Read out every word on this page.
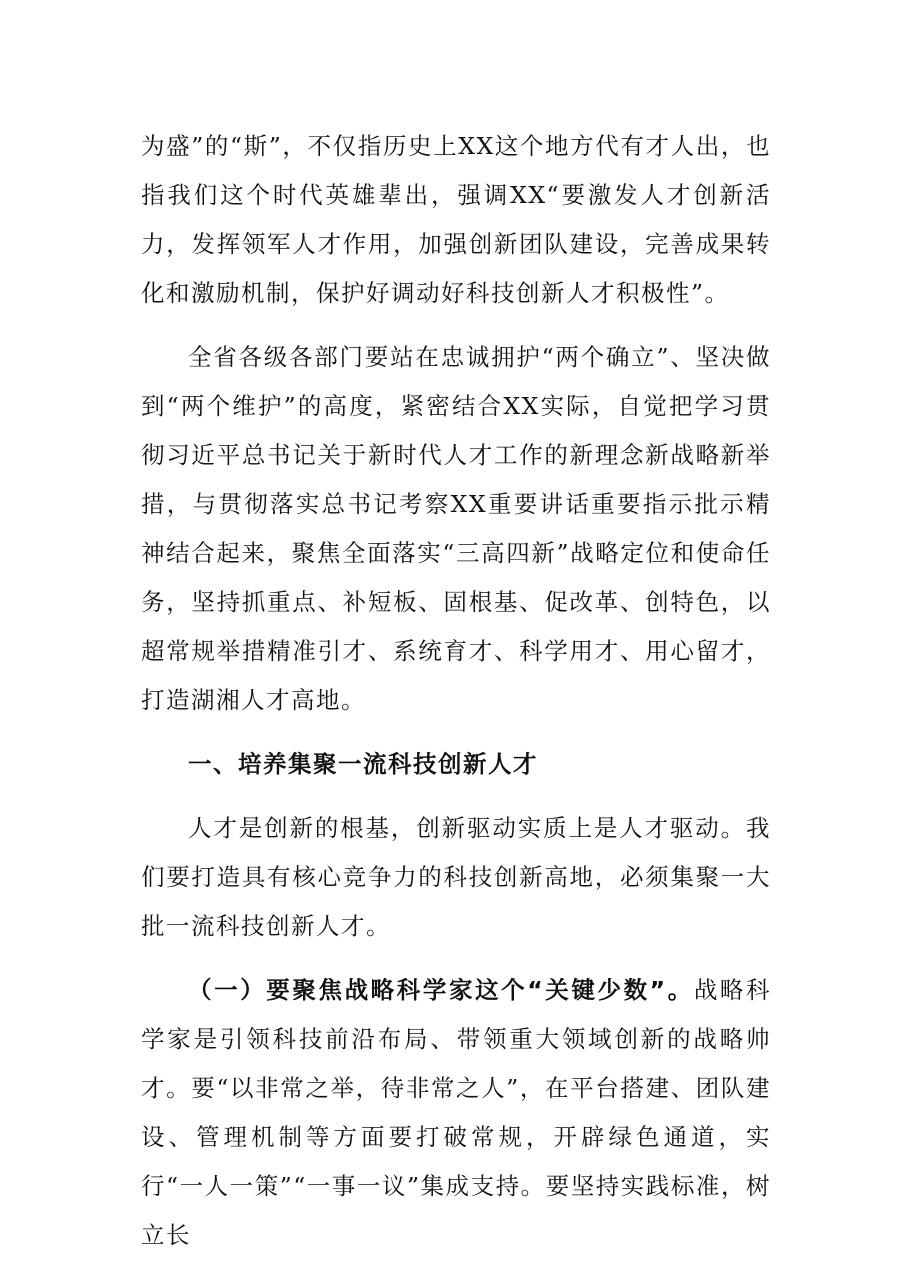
为盛”的“斯”，不仅指历史上XX这个地方代有才人出，也指我们这个时代英雄辈出，强调XX“要激发人才创新活力，发挥领军人才作用，加强创新团队建设，完善成果转化和激励机制，保护好调动好科技创新人才积极性”。

全省各级各部门要站在忠诚拥护“两个确立”、坚决做到“两个维护”的高度，紧密结合XX实际，自觉把学习贯彻习近平总书记关于新时代人才工作的新理念新战略新举措，与贯彻落实总书记考察XX重要讲话重要指示批示精神结合起来，聚焦全面落实“三高四新”战略定位和使命任务，坚持抓重点、补短板、固根基、促改革、创特色，以超常规举措精准引才、系统育才、科学用才、用心留才，打造湖湘人才高地。

一、培养集聚一流科技创新人才

人才是创新的根基，创新驱动实质上是人才驱动。我们要打造具有核心竞争力的科技创新高地，必须集聚一大批一流科技创新人才。

（一）要聚焦战略科学家这个“关键少数”。战略科学家是引领科技前沿布局、带领重大领域创新的战略帅才。要“以非常之举，待非常之人”，在平台搭建、团队建设、管理机制等方面要打破常规，开辟绿色通道，实行“一人一策”“一事一议”集成支持。要坚持实践标准，树立长
